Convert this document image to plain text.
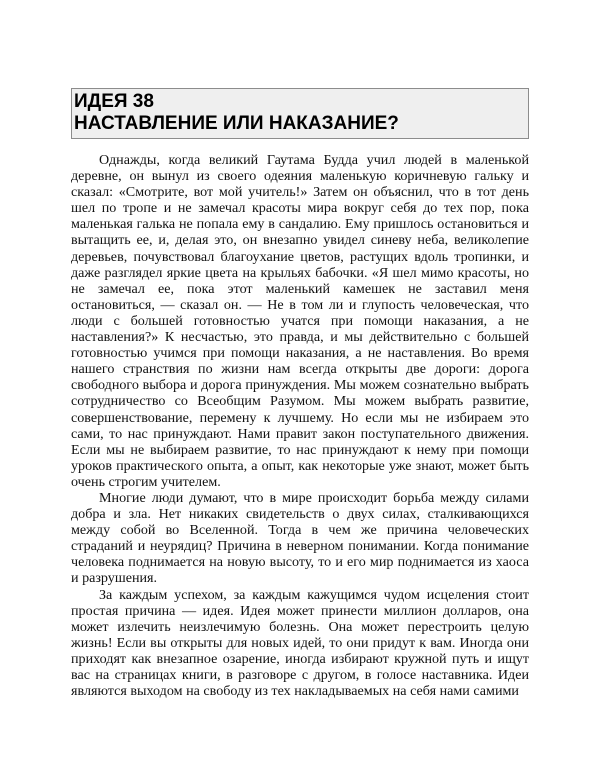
ИДЕЯ 38
НАСТАВЛЕНИЕ ИЛИ НАКАЗАНИЕ?

Однажды, когда великий Гаутама Будда учил людей в маленькой деревне, он вынул из своего одеяния маленькую коричневую гальку и сказал: «Смотрите, вот мой учитель!» Затем он объяснил, что в тот день шел по тропе и не замечал красоты мира вокруг себя до тех пор, пока маленькая галька не попала ему в сандалию. Ему пришлось остановиться и вытащить ее, и, делая это, он внезапно увидел синеву неба, великолепие деревьев, почувствовал благоухание цветов, растущих вдоль тропинки, и даже разглядел яркие цвета на крыльях бабочки. «Я шел мимо красоты, но не замечал ее, пока этот маленький камешек не заставил меня остановиться, — сказал он. — Не в том ли и глупость человеческая, что люди с большей готовностью учатся при помощи наказания, а не наставления?» К несчастью, это правда, и мы действительно с большей готовностью учимся при помощи наказания, а не наставления. Во время нашего странствия по жизни нам всегда открыты две дороги: дорога свободного выбора и дорога принуждения. Мы можем сознательно выбрать сотрудничество со Всеобщим Разумом. Мы можем выбрать развитие, совершенствование, перемену к лучшему. Но если мы не избираем это сами, то нас принуждают. Нами правит закон поступательного движения. Если мы не выбираем развитие, то нас принуждают к нему при помощи уроков практического опыта, а опыт, как некоторые уже знают, может быть очень строгим учителем.

Многие люди думают, что в мире происходит борьба между силами добра и зла. Нет никаких свидетельств о двух силах, сталкивающихся между собой во Вселенной. Тогда в чем же причина человеческих страданий и неурядиц? Причина в неверном понимании. Когда понимание человека поднимается на новую высоту, то и его мир поднимается из хаоса и разрушения.

За каждым успехом, за каждым кажущимся чудом исцеления стоит простая причина — идея. Идея может принести миллион долларов, она может излечить неизлечимую болезнь. Она может перестроить целую жизнь! Если вы открыты для новых идей, то они придут к вам. Иногда они приходят как внезапное озарение, иногда избирают кружной путь и ищут вас на страницах книги, в разговоре с другом, в голосе наставника. Идеи являются выходом на свободу из тех накладываемых на себя нами самими
